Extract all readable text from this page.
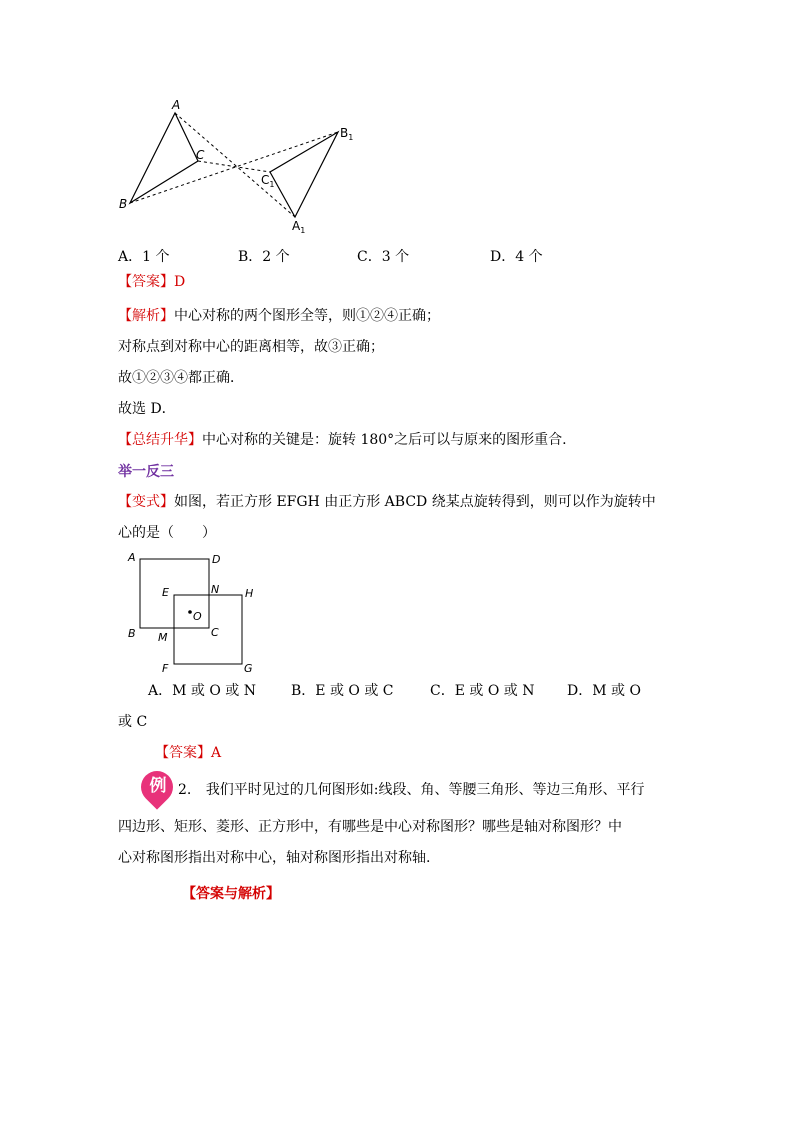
A
B
C
$B_1$
$C_1$
$A_1$
A．1 个	B．2 个	C．3 个	D．4 个
【答案】D
【解析】中心对称的两个图形全等，则①②④正确；
对称点到对称中心的距离相等，故③正确；
故①②③④都正确．
故选 D．
【总结升华】中心对称的关键是：旋转 180°之后可以与原来的图形重合.
举一反三
【变式】如图，若正方形 EFGH 由正方形 ABCD 绕某点旋转得到，则可以作为旋转中
心的是（　　）
A	D
E	N H
O
B M	C
F	G
A．M 或 O 或 N	B．E 或 O 或 C	C．E 或 O 或 N D．M 或 O
或 C
【答案】A
例 2. 我们平时见过的几何图形如:线段、角、等腰三角形、等边三角形、平行
四边形、矩形、菱形、正方形中，有哪些是中心对称图形？哪些是轴对称图形？中
心对称图形指出对称中心，轴对称图形指出对称轴.
【答案与解析】
